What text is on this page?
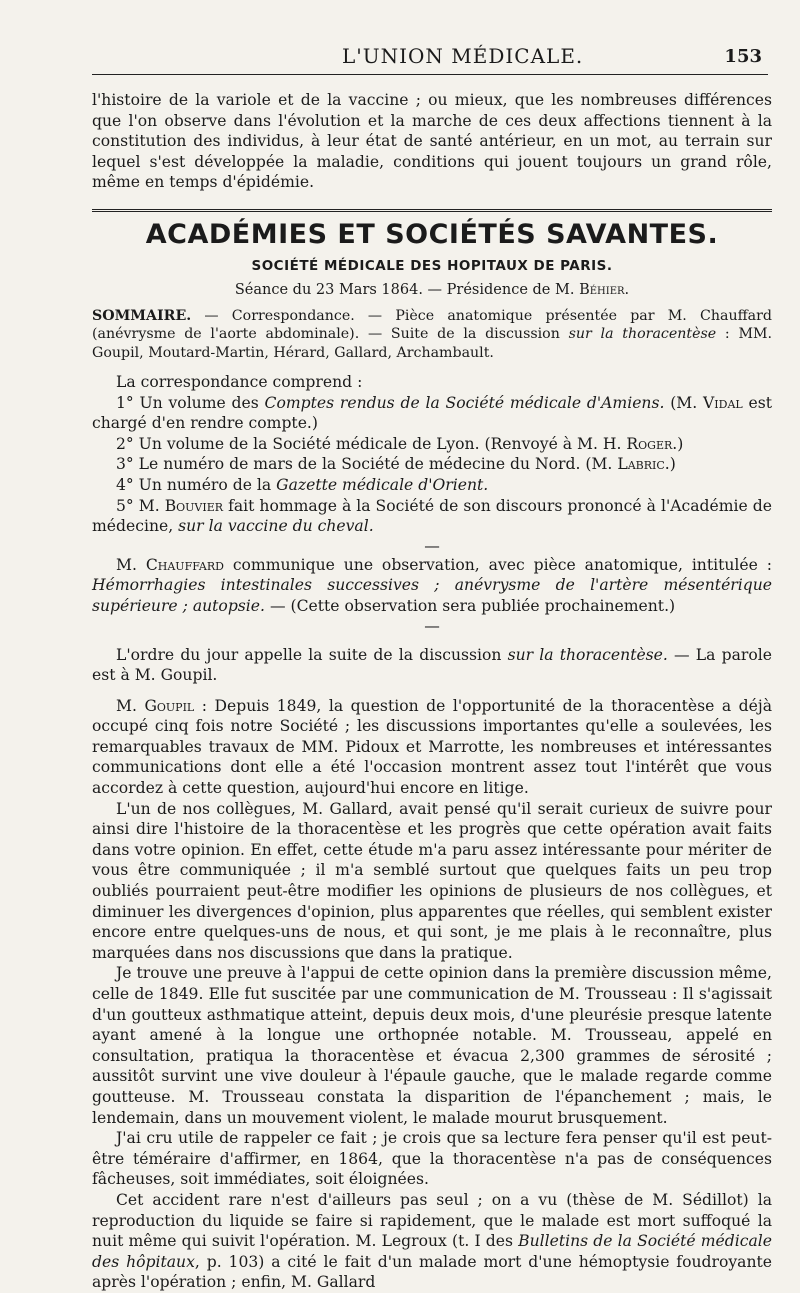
L'UNION MÉDICALE.	153

l'histoire de la variole et de la vaccine ; ou mieux, que les nombreuses différences que l'on observe dans l'évolution et la marche de ces deux affections tiennent à la constitution des individus, à leur état de santé antérieur, en un mot, au terrain sur lequel s'est développée la maladie, conditions qui jouent toujours un grand rôle, même en temps d'épidémie.

ACADÉMIES ET SOCIÉTÉS SAVANTES.
SOCIÉTÉ MÉDICALE DES HOPITAUX DE PARIS.
Séance du 23 Mars 1864. — Présidence de M. Béhier.

SOMMAIRE. — Correspondance. — Pièce anatomique présentée par M. Chauffard (anévrysme de l'aorte abdominale). — Suite de la discussion sur la thoracentèse : MM. Goupil, Moutard-Martin, Hérard, Gallard, Archambault.

La correspondance comprend :

1° Un volume des Comptes rendus de la Société médicale d'Amiens. (M. Vidal est chargé d'en rendre compte.)

2° Un volume de la Société médicale de Lyon. (Renvoyé à M. H. Roger.)

3° Le numéro de mars de la Société de médecine du Nord. (M. Labric.)

4° Un numéro de la Gazette médicale d'Orient.

5° M. Bouvier fait hommage à la Société de son discours prononcé à l'Académie de médecine, sur la vaccine du cheval.

—

M. Chauffard communique une observation, avec pièce anatomique, intitulée : Hémorrhagies intestinales successives ; anévrysme de l'artère mésentérique supérieure ; autopsie. — (Cette observation sera publiée prochainement.)

—

L'ordre du jour appelle la suite de la discussion sur la thoracentèse. — La parole est à M. Goupil.

M. Goupil : Depuis 1849, la question de l'opportunité de la thoracentèse a déjà occupé cinq fois notre Société ; les discussions importantes qu'elle a soulevées, les remarquables travaux de MM. Pidoux et Marrotte, les nombreuses et intéressantes communications dont elle a été l'occasion montrent assez tout l'intérêt que vous accordez à cette question, aujourd'hui encore en litige.

L'un de nos collègues, M. Gallard, avait pensé qu'il serait curieux de suivre pour ainsi dire l'histoire de la thoracentèse et les progrès que cette opération avait faits dans votre opinion. En effet, cette étude m'a paru assez intéressante pour mériter de vous être communiquée ; il m'a semblé surtout que quelques faits un peu trop oubliés pourraient peut-être modifier les opinions de plusieurs de nos collègues, et diminuer les divergences d'opinion, plus apparentes que réelles, qui semblent exister encore entre quelques-uns de nous, et qui sont, je me plais à le reconnaître, plus marquées dans nos discussions que dans la pratique.

Je trouve une preuve à l'appui de cette opinion dans la première discussion même, celle de 1849. Elle fut suscitée par une communication de M. Trousseau : Il s'agissait d'un goutteux asthmatique atteint, depuis deux mois, d'une pleurésie presque latente ayant amené à la longue une orthopnée notable. M. Trousseau, appelé en consultation, pratiqua la thoracentèse et évacua 2,300 grammes de sérosité ; aussitôt survint une vive douleur à l'épaule gauche, que le malade regarde comme goutteuse. M. Trousseau constata la disparition de l'épanchement ; mais, le lendemain, dans un mouvement violent, le malade mourut brusquement.

J'ai cru utile de rappeler ce fait ; je crois que sa lecture fera penser qu'il est peut-être téméraire d'affirmer, en 1864, que la thoracentèse n'a pas de conséquences fâcheuses, soit immédiates, soit éloignées.

Cet accident rare n'est d'ailleurs pas seul ; on a vu (thèse de M. Sédillot) la reproduction du liquide se faire si rapidement, que le malade est mort suffoqué la nuit même qui suivit l'opération. M. Legroux (t. I des Bulletins de la Société médicale des hôpitaux, p. 103) a cité le fait d'un malade mort d'une hémoptysie foudroyante après l'opération ; enfin, M. Gallard
